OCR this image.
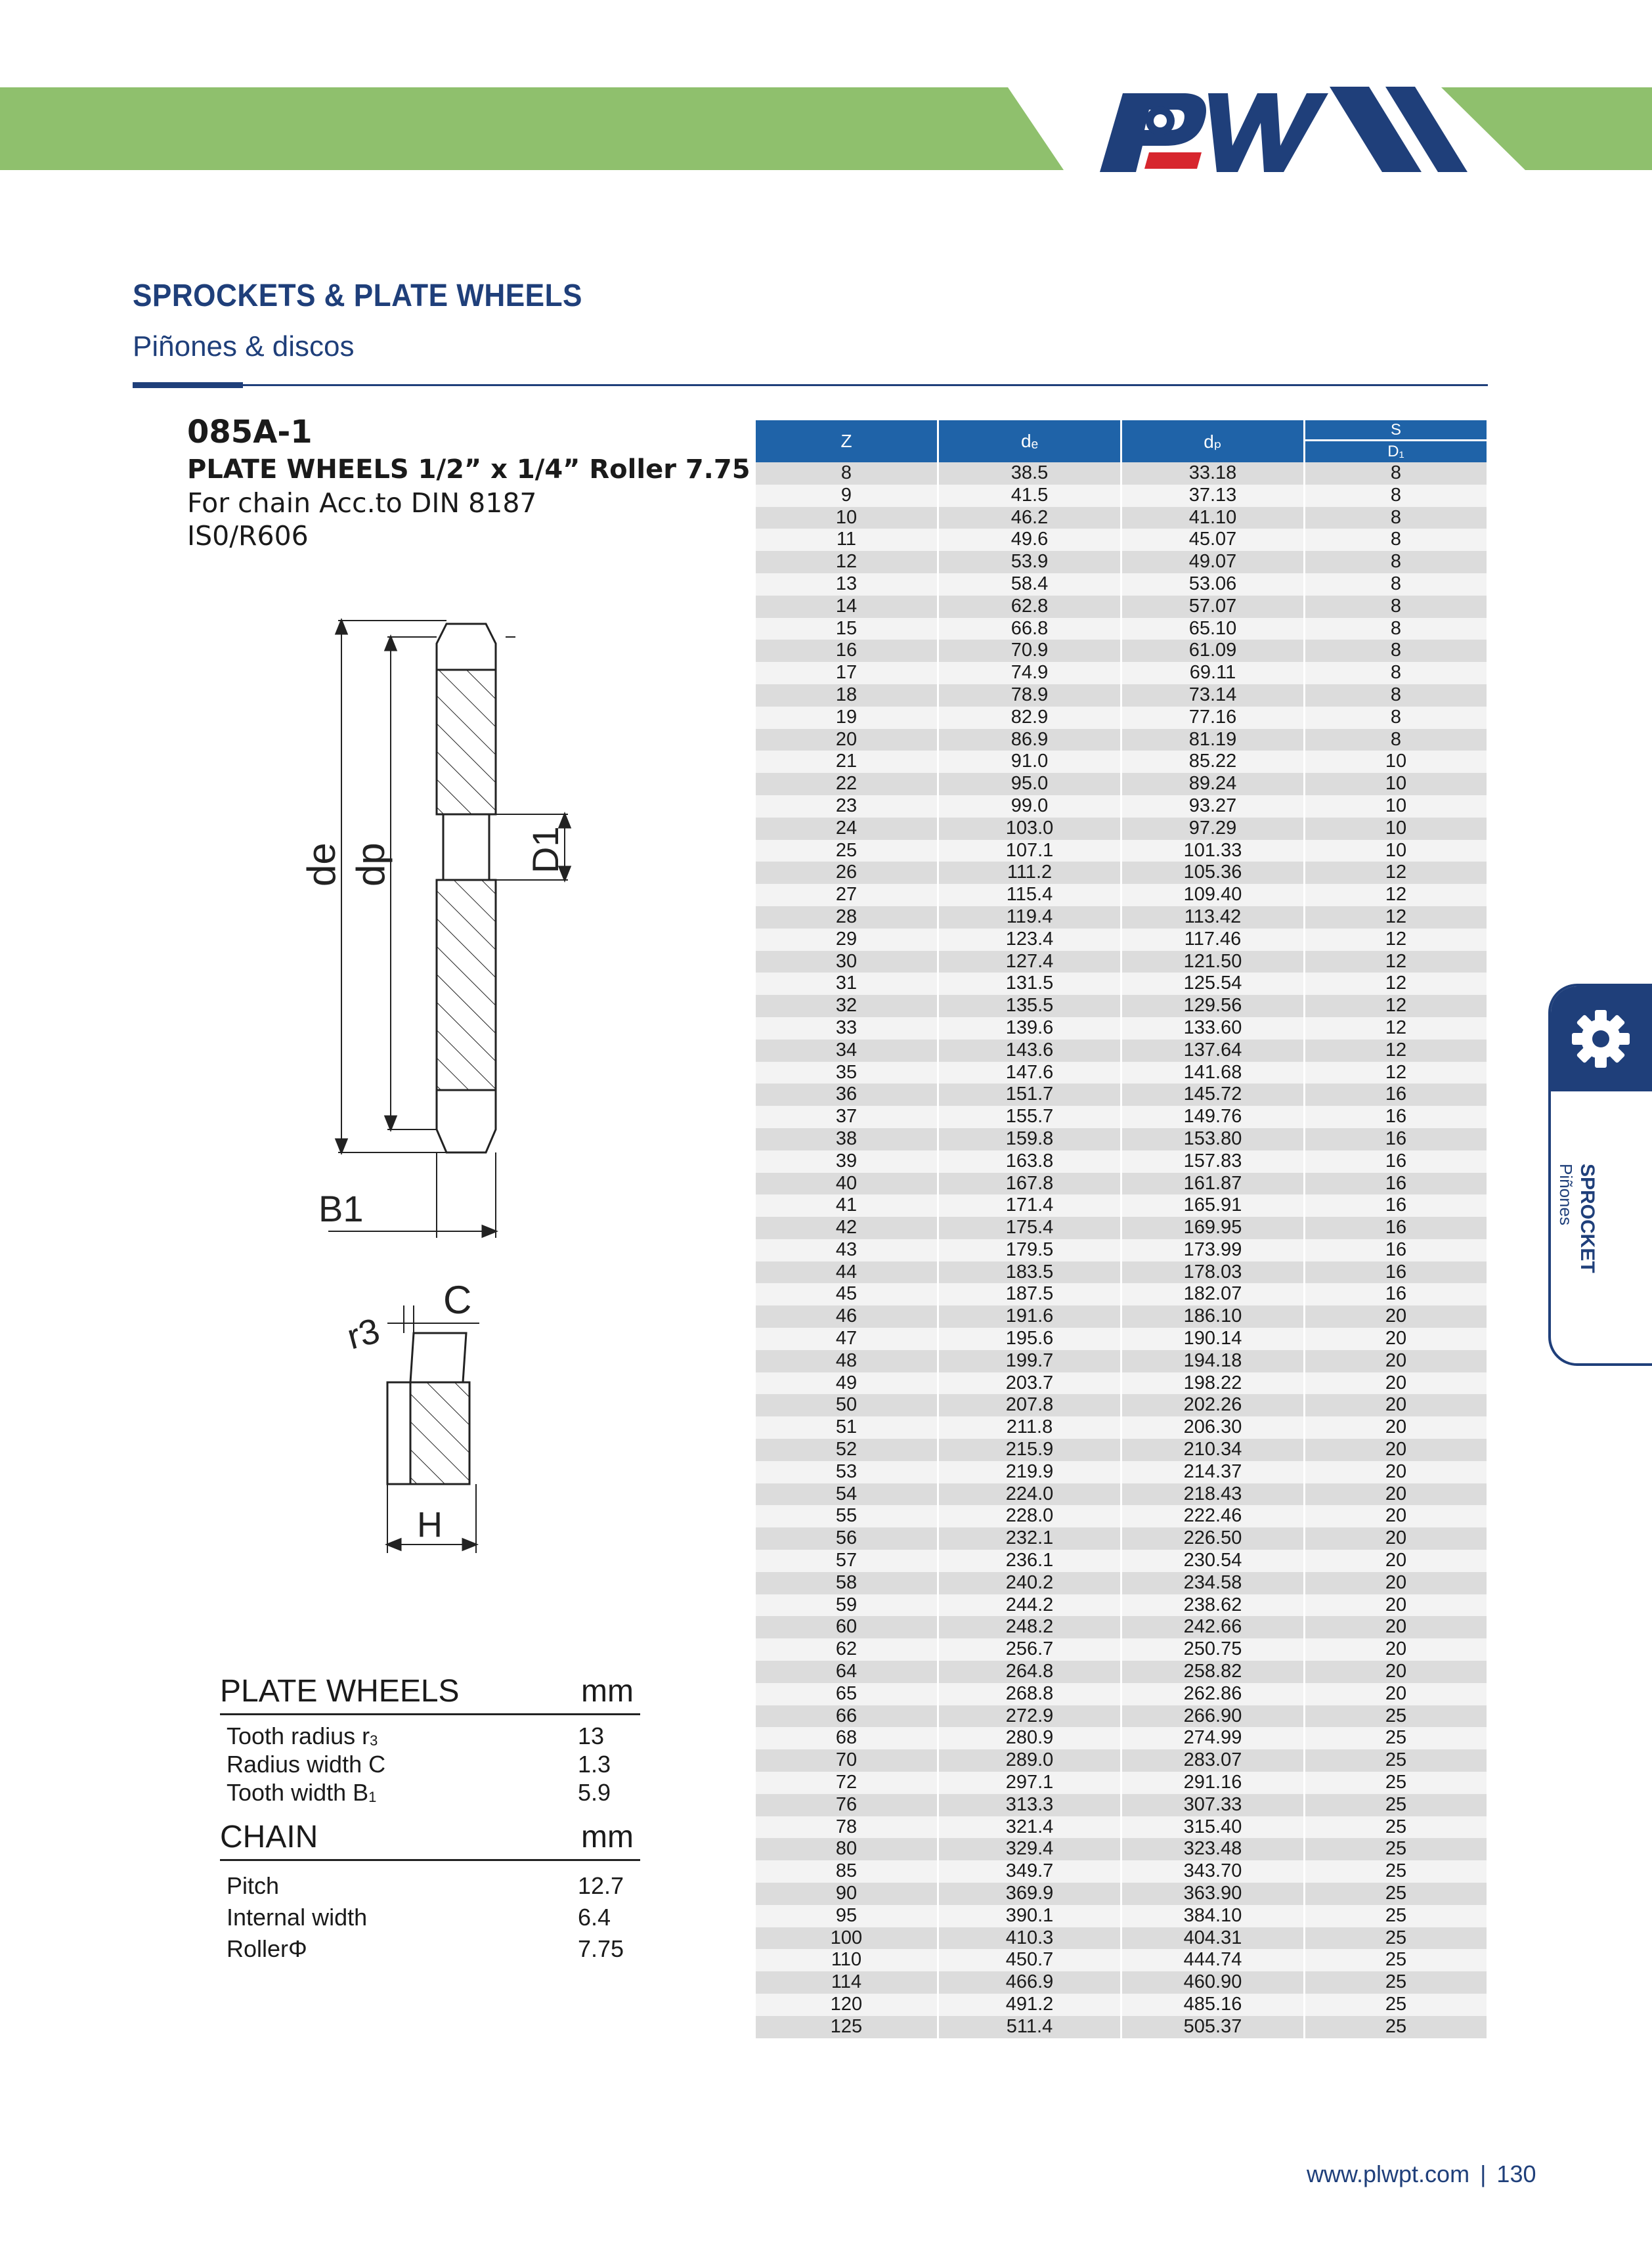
SPROCKETS & PLATE WHEELS
Piñones & discos
085A-1
PLATE WHEELS 1/2” x 1/4” Roller 7.75
For chain Acc.to DIN 8187
IS0/R606
de dp	D1
B1
C
r3
H
PLATE WHEELS	mm
Tooth radius $r_3$	13
Radius width C	1.3
Tooth width $B_1$	5.9
CHAIN	mm
Pitch	12.7
Internal width	6.4
RollerΦ	7.75
Z	dₑ	dₚ	S
			D₁
8	38.5	33.18	8
9	41.5	37.13	8
10	46.2	41.10	8
11	49.6	45.07	8
12	53.9	49.07	8
13	58.4	53.06	8
14	62.8	57.07	8
15	66.8	65.10	8
16	70.9	61.09	8
17	74.9	69.11	8
18	78.9	73.14	8
19	82.9	77.16	8
20	86.9	81.19	8
21	91.0	85.22	10
22	95.0	89.24	10
23	99.0	93.27	10
24	103.0	97.29	10
25	107.1	101.33	10
26	111.2	105.36	12
27	115.4	109.40	12
28	119.4	113.42	12
29	123.4	117.46	12
30	127.4	121.50	12
31	131.5	125.54	12
32	135.5	129.56	12
33	139.6	133.60	12
34	143.6	137.64	12
35	147.6	141.68	12
36	151.7	145.72	16
37	155.7	149.76	16
38	159.8	153.80	16
39	163.8	157.83	16
40	167.8	161.87	16
41	171.4	165.91	16
42	175.4	169.95	16
43	179.5	173.99	16
44	183.5	178.03	16
45	187.5	182.07	16
46	191.6	186.10	20
47	195.6	190.14	20
48	199.7	194.18	20
49	203.7	198.22	20
50	207.8	202.26	20
51	211.8	206.30	20
52	215.9	210.34	20
53	219.9	214.37	20
54	224.0	218.43	20
55	228.0	222.46	20
56	232.1	226.50	20
57	236.1	230.54	20
58	240.2	234.58	20
59	244.2	238.62	20
60	248.2	242.66	20
62	256.7	250.75	20
64	264.8	258.82	20
65	268.8	262.86	20
66	272.9	266.90	25
68	280.9	274.99	25
70	289.0	283.07	25
72	297.1	291.16	25
76	313.3	307.33	25
78	321.4	315.40	25
80	329.4	323.48	25
85	349.7	343.70	25
90	369.9	363.90	25
95	390.1	384.10	25
100	410.3	404.31	25
110	450.7	444.74	25
114	466.9	460.90	25
120	491.2	485.16	25
125	511.4	505.37	25
SPROCKET
Piñones
www.plwpt.com | 130
